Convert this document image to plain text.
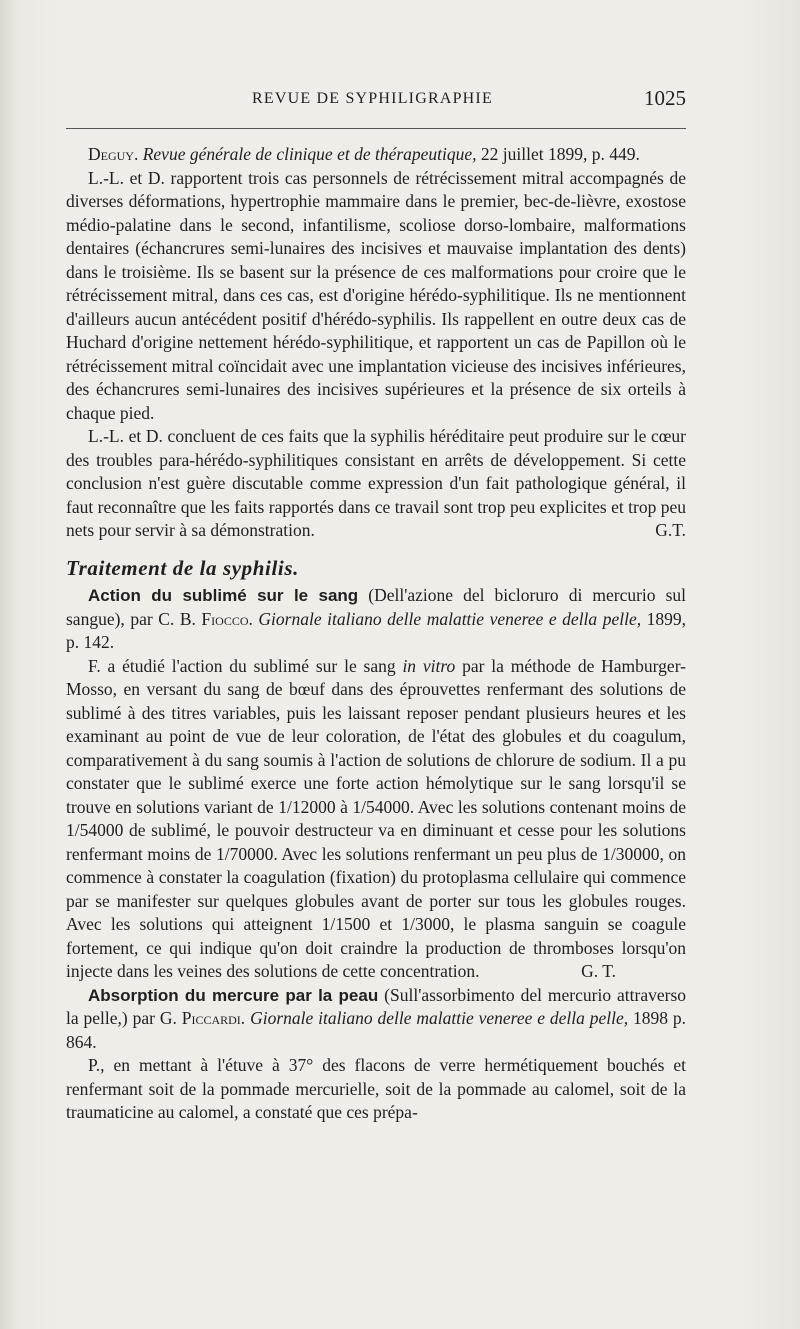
REVUE DE SYPHILIGRAPHIE	1025

Deguy. Revue générale de clinique et de thérapeutique, 22 juillet 1899, p. 449.

L.-L. et D. rapportent trois cas personnels de rétrécissement mitral accompagnés de diverses déformations, hypertrophie mammaire dans le premier, bec-de-lièvre, exostose médio-palatine dans le second, infantilisme, scoliose dorso-lombaire, malformations dentaires (échancrures semi-lunaires des incisives et mauvaise implantation des dents) dans le troisième. Ils se basent sur la présence de ces malformations pour croire que le rétrécissement mitral, dans ces cas, est d'origine hérédo-syphilitique. Ils ne mentionnent d'ailleurs aucun antécédent positif d'hérédo-syphilis. Ils rappellent en outre deux cas de Huchard d'origine nettement hérédo-syphilitique, et rapportent un cas de Papillon où le rétrécissement mitral coïncidait avec une implantation vicieuse des incisives inférieures, des échancrures semi-lunaires des incisives supérieures et la présence de six orteils à chaque pied.

L.-L. et D. concluent de ces faits que la syphilis héréditaire peut produire sur le cœur des troubles para-hérédo-syphilitiques consistant en arrêts de développement. Si cette conclusion n'est guère discutable comme expression d'un fait pathologique général, il faut reconnaître que les faits rapportés dans ce travail sont trop peu explicites et trop peu nets pour servir à sa démonstration.	G.T.

Traitement de la syphilis.

Action du sublimé sur le sang (Dell'azione del bicloruro di mercurio sul sangue), par C. B. Fiocco. Giornale italiano delle malattie veneree e della pelle, 1899, p. 142.

F. a étudié l'action du sublimé sur le sang in vitro par la méthode de Hamburger-Mosso, en versant du sang de bœuf dans des éprouvettes renfermant des solutions de sublimé à des titres variables, puis les laissant reposer pendant plusieurs heures et les examinant au point de vue de leur coloration, de l'état des globules et du coagulum, comparativement à du sang soumis à l'action de solutions de chlorure de sodium. Il a pu constater que le sublimé exerce une forte action hémolytique sur le sang lorsqu'il se trouve en solutions variant de 1/12000 à 1/54000. Avec les solutions contenant moins de 1/54000 de sublimé, le pouvoir destructeur va en diminuant et cesse pour les solutions renfermant moins de 1/70000. Avec les solutions renfermant un peu plus de 1/30000, on commence à constater la coagulation (fixation) du protoplasma cellulaire qui commence par se manifester sur quelques globules avant de porter sur tous les globules rouges. Avec les solutions qui atteignent 1/1500 et 1/3000, le plasma sanguin se coagule fortement, ce qui indique qu'on doit craindre la production de thromboses lorsqu'on injecte dans les veines des solutions de cette concentration.	G. T.

Absorption du mercure par la peau (Sull'assorbimento del mercurio attraverso la pelle,) par G. Piccardi. Giornale italiano delle malattie veneree e della pelle, 1898 p. 864.

P., en mettant à l'étuve à 37° des flacons de verre hermétiquement bouchés et renfermant soit de la pommade mercurielle, soit de la pommade au calomel, soit de la traumaticine au calomel, a constaté que ces prépa-
